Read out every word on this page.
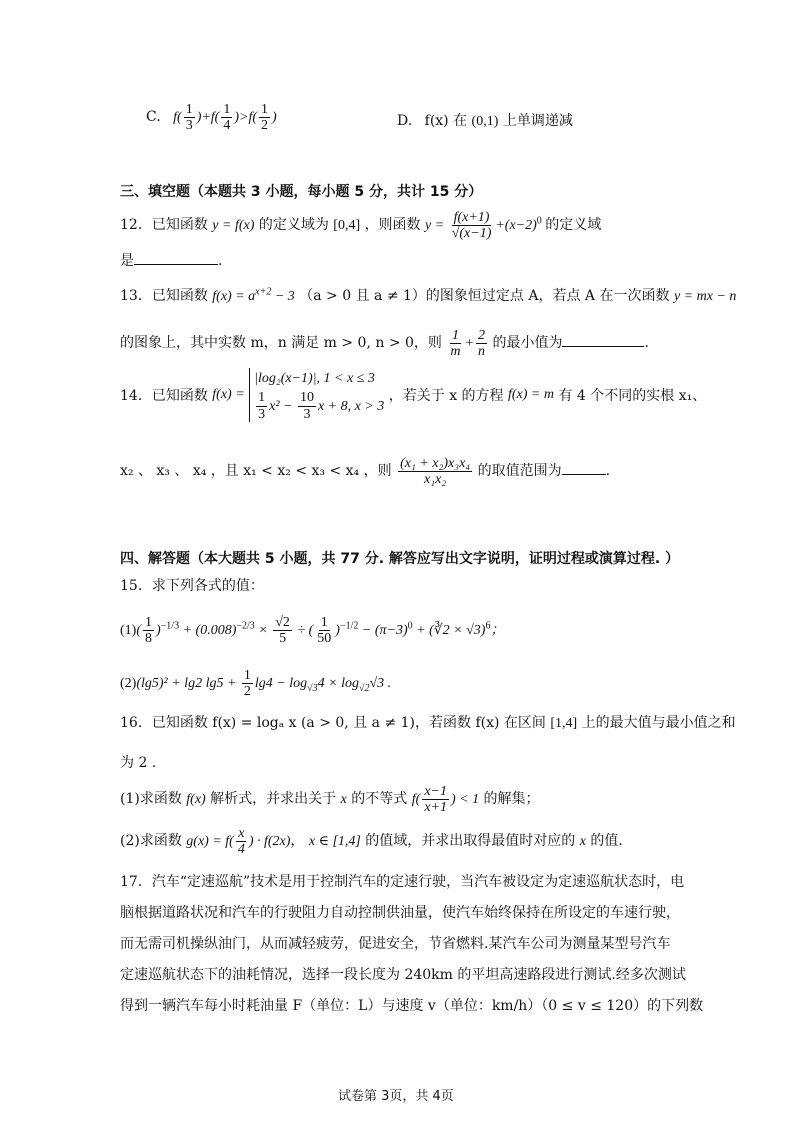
C. $f( \frac{1}{3} )+f( \frac{1}{4} )>f( \frac{1}{2}$ )	D. f(x) 在 (0,1) 上单调递减
三、填空题（本题共 3 小题，每小题 5 分，共计 15 分）
12．已知函数 y = f(x) 的定义域为 [0,4] ，则函数 $y = \frac{f(x+1)}{√(x-1)} +(x-2)^0$ 的定义域
是	.
13．已知函数 $f(x) = a^{x+2} - 3$ （a > 0 且 a ≠ 1）的图象恒过定点 A，若点 A 在一次函数 y = mx − n
的图象上，其中实数 m，n 满足 m > 0, n > 0，则 $\frac{1}{m} + \frac{2}{n}$ 的最小值为	.
14．已知函数 f(x) = |log₂(x−1)|, 1 < x ≤ 3

$\frac{1}{3} x^2 - \frac{10}{3}$ x + 8, x > 3 ，若关于 x 的方程 f(x) = m 有 4 个不同的实根 x₁、
x₂ 、 x₃ 、 x₄ ，且 x₁ < x₂ < x₃ < x₄ ，则 $\frac{\text{(x₁ + x₂)x₃x₄}}{\text{x₁x₂}}$ 的取值范围为	.
四、解答题（本大题共 5 小题，共 77 分. 解答应写出文字说明，证明过程或演算过程. ）
15．求下列各式的值：
$(1)( \frac{1}{8} )^{-1/3} + (0.008)^{-2/3} \times \frac{√2}{5}$ ÷ ( $\frac{1}{50} )^{-1/2} - (\pi-3)^0$ + (∛2 × √3)$^6$；
(2)(lg5)² + lg2 $\lg 5 + \frac{1}{2} \lg 4 - \log_{√3}4 \times \log_{√2}√3$ .
16．已知函数 f(x) = logₐ x (a > 0, 且 a ≠ 1)，若函数 f(x) 在区间 [1,4] 上的最大值与最小值之和
为 2 .
(1)求函数 f(x) 解析式，并求出关于 x 的不等式 $f( \frac{x-1}{x+1}$ ) < 1 的解集；
(2)求函数 $g(x) = f( \frac{x}{4}$ ) · f(2x)， x ∈ [1,4] 的值域，并求出取得最值时对应的 x 的值.
17．汽车“定速巡航”技术是用于控制汽车的定速行驶，当汽车被设定为定速巡航状态时，电
脑根据道路状况和汽车的行驶阻力自动控制供油量，使汽车始终保持在所设定的车速行驶，
而无需司机操纵油门，从而减轻疲劳，促进安全，节省燃料.某汽车公司为测量某型号汽车
定速巡航状态下的油耗情况，选择一段长度为 240km 的平坦高速路段进行测试.经多次测试
得到一辆汽车每小时耗油量 F（单位：L）与速度 v（单位：km/h）（0 ≤ v ≤ 120）的下列数
试卷第 3页，共 4页
